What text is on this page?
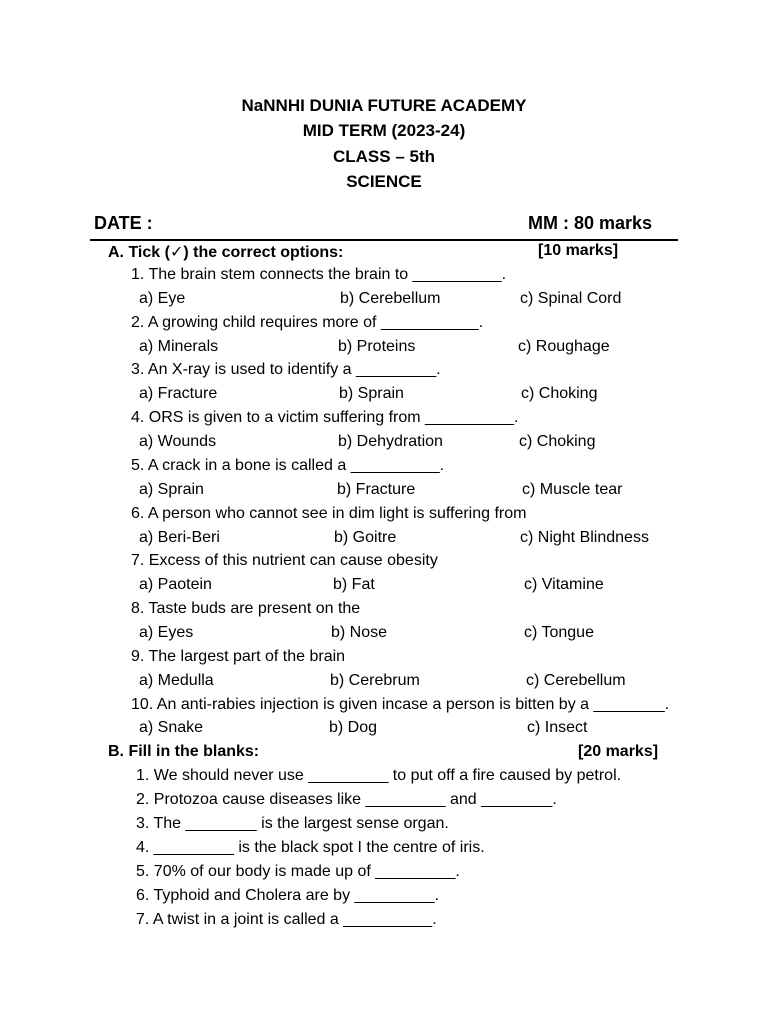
NaNNHI DUNIA FUTURE ACADEMY
MID TERM (2023-24)
CLASS – 5th
SCIENCE
DATE :	MM : 80 marks
A. Tick (✓) the correct options:	[10 marks]
1. The brain stem connects the brain to __________.
a) Eye	b) Cerebellum	c) Spinal Cord
2. A growing child requires more of ___________.
a) Minerals	b) Proteins	c) Roughage
3. An X-ray is used to identify a _________.
a) Fracture	b) Sprain	c) Choking
4. ORS is given to a victim suffering from __________.
a) Wounds	b) Dehydration	c) Choking
5. A crack in a bone is called a __________.
a) Sprain	b) Fracture	c) Muscle tear
6. A person who cannot see in dim light is suffering from
a) Beri-Beri	b) Goitre	c) Night Blindness
7. Excess of this nutrient can cause obesity
a) Paotein	b) Fat	c) Vitamine
8. Taste buds are present on the
a) Eyes	b) Nose	c) Tongue
9. The largest part of the brain
a) Medulla	b) Cerebrum	c) Cerebellum
10. An anti-rabies injection is given incase a person is bitten by a ________.
a) Snake	b) Dog	c) Insect
B. Fill in the blanks:	[20 marks]
1. We should never use _________ to put off a fire caused by petrol.
2. Protozoa cause diseases like _________ and ________.
3. The ________ is the largest sense organ.
4. _________ is the black spot I the centre of iris.
5. 70% of our body is made up of _________.
6. Typhoid and Cholera are by _________.
7. A twist in a joint is called a __________.
